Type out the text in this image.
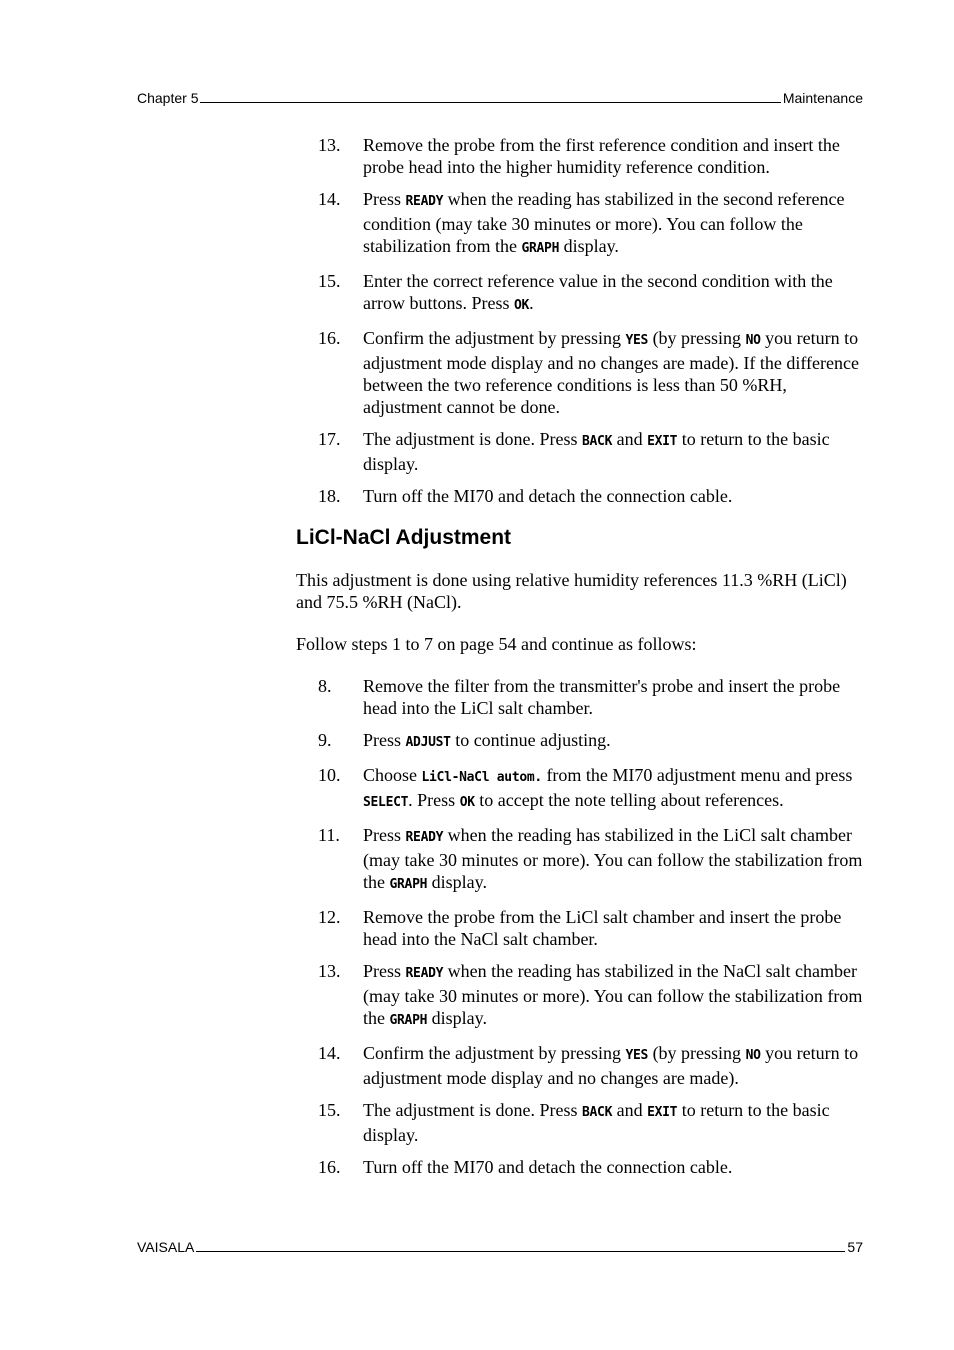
Chapter 5	Maintenance
13.	Remove the probe from the first reference condition and insert the probe head into the higher humidity reference condition.
14.	Press READY when the reading has stabilized in the second reference condition (may take 30 minutes or more). You can follow the stabilization from the GRAPH display.
15.	Enter the correct reference value in the second condition with the arrow buttons. Press OK.
16.	Confirm the adjustment by pressing YES (by pressing NO you return to adjustment mode display and no changes are made). If the difference between the two reference conditions is less than 50 %RH, adjustment cannot be done.
17.	The adjustment is done. Press BACK and EXIT to return to the basic display.
18.	Turn off the MI70 and detach the connection cable.
LiCl-NaCl Adjustment

This adjustment is done using relative humidity references 11.3 %RH (LiCl) and 75.5 %RH (NaCl).

Follow steps 1 to 7 on page 54 and continue as follows:

8.	Remove the filter from the transmitter's probe and insert the probe head into the LiCl salt chamber.
9.	Press ADJUST to continue adjusting.
10.	Choose LiCl-NaCl autom. from the MI70 adjustment menu and press SELECT. Press OK to accept the note telling about references.
11.	Press READY when the reading has stabilized in the LiCl salt chamber (may take 30 minutes or more). You can follow the stabilization from the GRAPH display.
12.	Remove the probe from the LiCl salt chamber and insert the probe head into the NaCl salt chamber.
13.	Press READY when the reading has stabilized in the NaCl salt chamber (may take 30 minutes or more). You can follow the stabilization from the GRAPH display.
14.	Confirm the adjustment by pressing YES (by pressing NO you return to adjustment mode display and no changes are made).
15.	The adjustment is done. Press BACK and EXIT to return to the basic display.
16.	Turn off the MI70 and detach the connection cable.
VAISALA	57
